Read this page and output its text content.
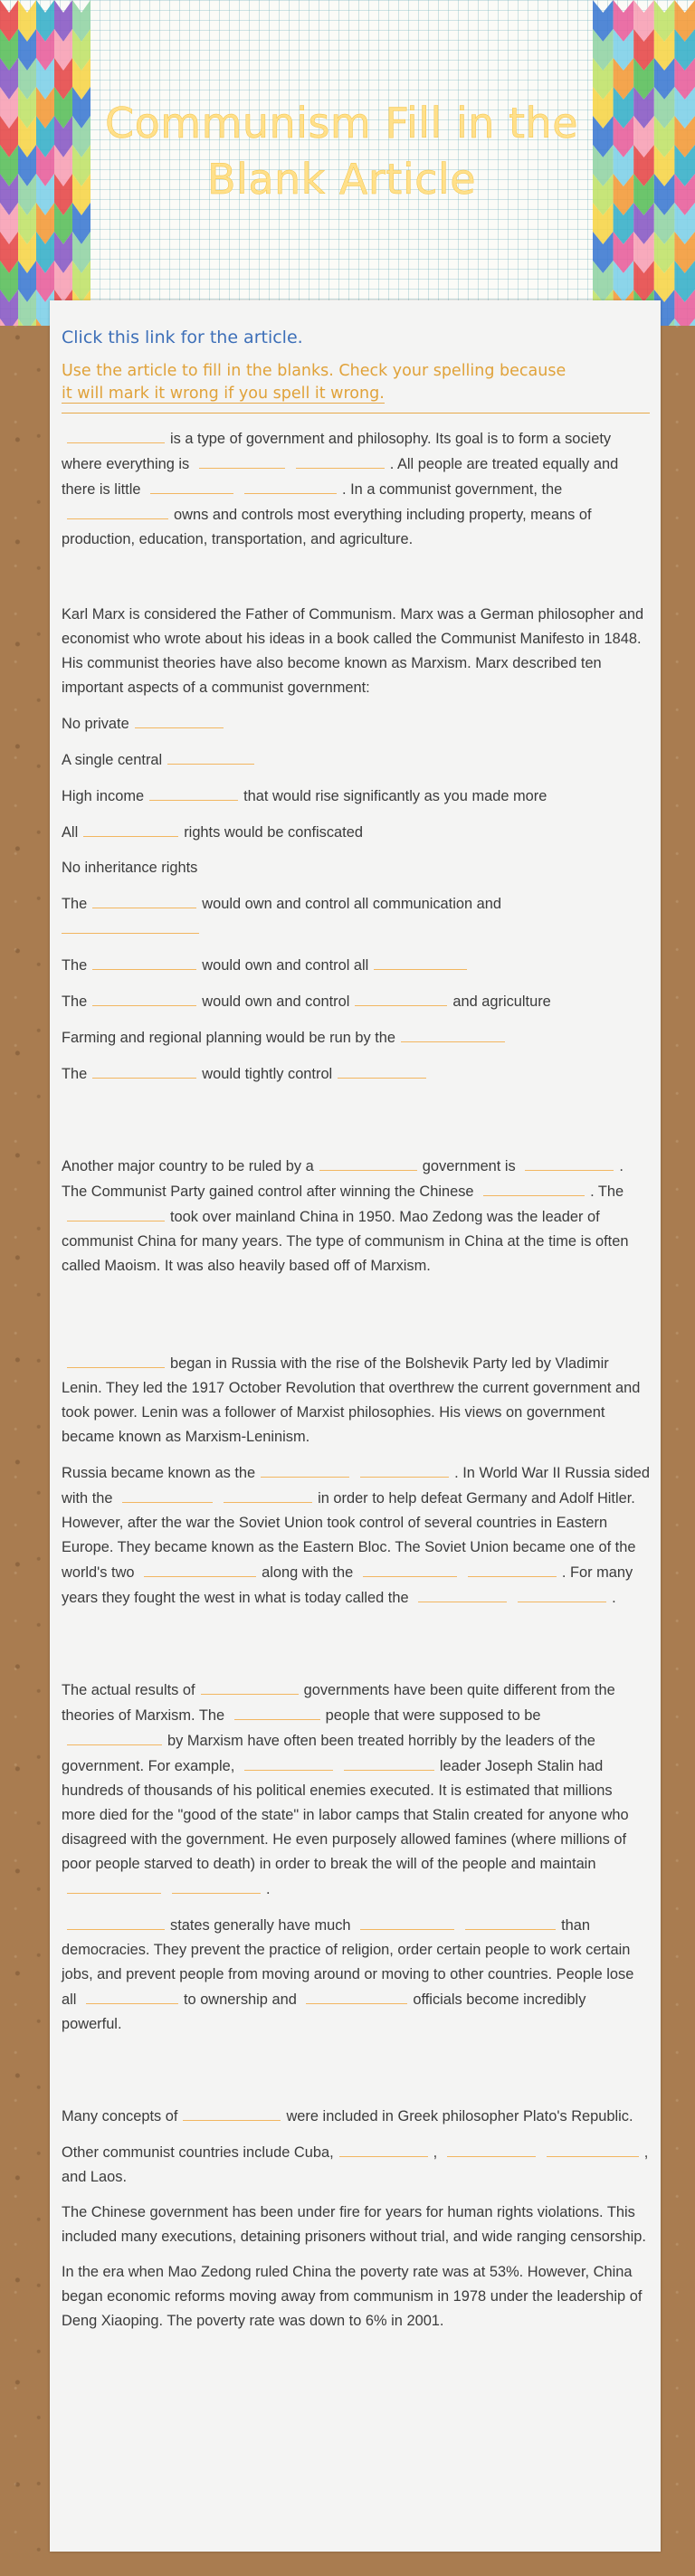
Communism Fill in the
Blank Article
Click this link for the article.
Use the article to fill in the blanks. Check your spelling because
it will mark it wrong if you spell it wrong.

is a type of government and philosophy. Its goal is to form a society where everything is	. All people are treated equally and there is little	. In a communist government, the owns and controls most everything including property, means of production, education, transportation, and agriculture.

Karl Marx is considered the Father of Communism. Marx was a German philosopher and economist who wrote about his ideas in a book called the Communist Manifesto in 1848. His communist theories have also become known as Marxism. Marx described ten important aspects of a communist government:

No private

A single central

High income	that would rise significantly as you made more

All	rights would be confiscated

No inheritance rights

The	would own and control all communication and

The	would own and control all

The	would own and control	and agriculture

Farming and regional planning would be run by the

The	would tightly control

Another major country to be ruled by a	government is	. The Communist Party gained control after winning the Chinese	. The took over mainland China in 1950. Mao Zedong was the leader of communist China for many years. The type of communism in China at the time is often called Maoism. It was also heavily based off of Marxism.

began in Russia with the rise of the Bolshevik Party led by Vladimir Lenin. They led the 1917 October Revolution that overthrew the current government and took power. Lenin was a follower of Marxist philosophies. His views on government became known as Marxism-Leninism.

Russia became known as the	. In World War II Russia sided with the	in order to help defeat Germany and Adolf Hitler. However, after the war the Soviet Union took control of several countries in Eastern Europe. They became known as the Eastern Bloc. The Soviet Union became one of the world's two	along with the	. For many years they fought the west in what is today called the	.

The actual results of	governments have been quite different from the theories of Marxism. The	people that were supposed to be by Marxism have often been treated horribly by the leaders of the government. For example,	leader Joseph Stalin had hundreds of thousands of his political enemies executed. It is estimated that millions more died for the "good of the state" in labor camps that Stalin created for anyone who disagreed with the government. He even purposely allowed famines (where millions of poor people starved to death) in order to break the will of the people and maintain .

states generally have much	than democracies. They prevent the practice of religion, order certain people to work certain jobs, and prevent people from moving around or moving to other countries. People lose all	to ownership and	officials become incredibly powerful.

Many concepts of	were included in Greek philosopher Plato's Republic.

Other communist countries include Cuba,	,	, and Laos.

The Chinese government has been under fire for years for human rights violations. This included many executions, detaining prisoners without trial, and wide ranging censorship.

In the era when Mao Zedong ruled China the poverty rate was at 53%. However, China began economic reforms moving away from communism in 1978 under the leadership of Deng Xiaoping. The poverty rate was down to 6% in 2001.
